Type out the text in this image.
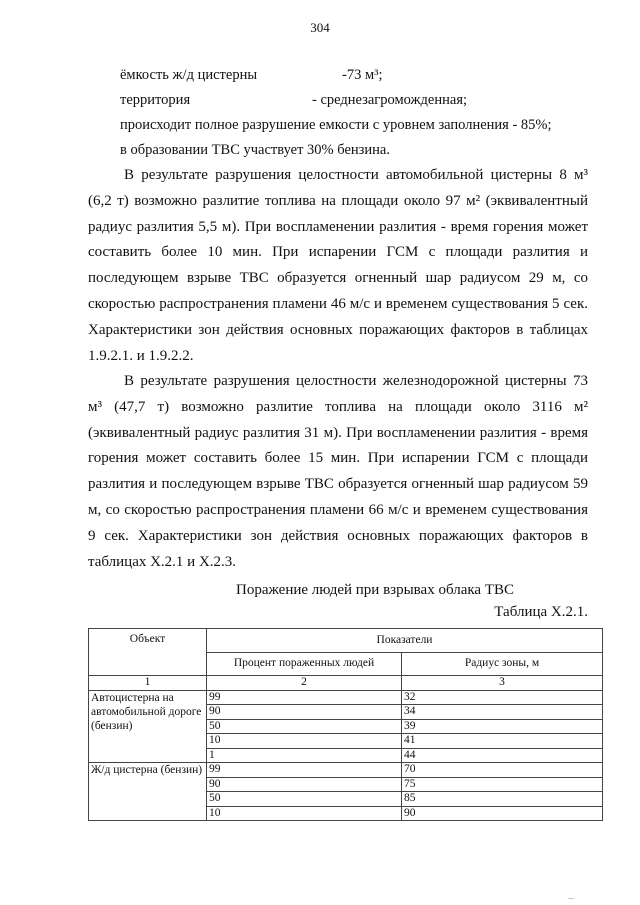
304
ёмкость ж/д цистерны	-73 м³;
территория	- среднезагроможденная;
происходит полное разрушение емкости с уровнем заполнения - 85%;
в образовании ТВС участвует 30% бензина.

В результате разрушения целостности автомобильной цистерны 8 м³ (6,2 т) возможно разлитие топлива на площади около 97 м² (эквивалентный радиус разлития 5,5 м). При воспламенении разлития - время горения может составить более 10 мин. При испарении ГСМ с площади разлития и последующем взрыве ТВС образуется огненный шар радиусом 29 м, со скоростью распространения пламени 46 м/с и временем существования 5 сек. Характеристики зон действия основных поражающих факторов в таблицах 1.9.2.1. и 1.9.2.2.

В результате разрушения целостности железнодорожной цистерны 73 м³ (47,7 т) возможно разлитие топлива на площади около 3116 м² (эквивалентный радиус разлития 31 м). При воспламенении разлития - время горения может составить более 15 мин. При испарении ГСМ с площади разлития и последующем взрыве ТВС образуется огненный шар радиусом 59 м, со скоростью распространения пламени 66 м/с и временем существования 9 сек. Характеристики зон действия основных поражающих факторов в таблицах Х.2.1 и Х.2.3.

Поражение людей при взрывах облака ТВС
Таблица Х.2.1.
Объект	Показатели	
	Процент пораженных людей	Радиус зоны, м
1	2	3
Автоцистерна на автомобильной дороге (бензин)	99	32
	90	34
	50	39
	10	41
	1	44
Ж/д цистерна (бензин)	99	70
	90	75
	50	85
	10	90
...
